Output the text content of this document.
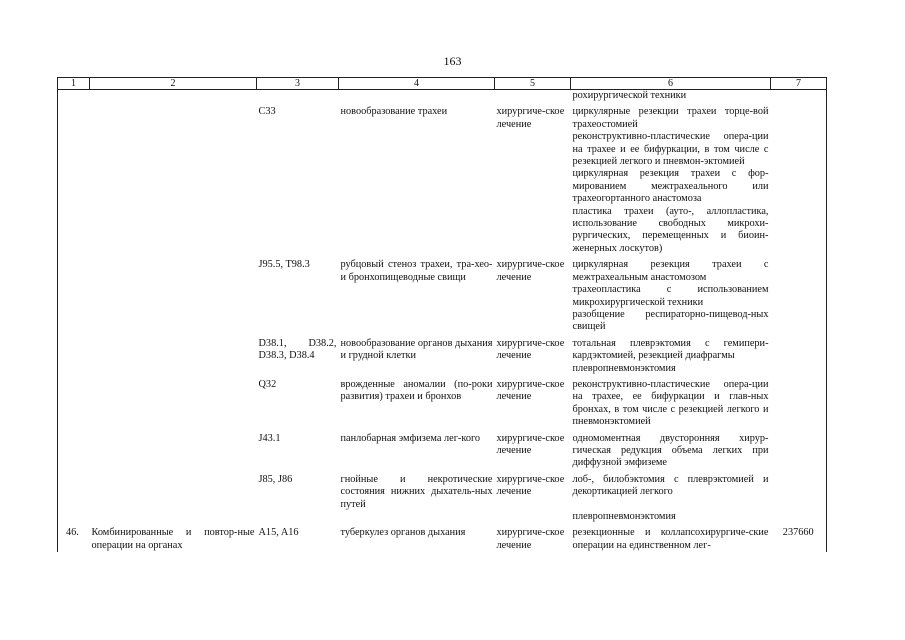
163
1	2	3	4	5	6	7
					рохирургической техники	

		C33	новообразование трахеи	хирургиче-ское лечение	циркулярные резекции трахеи торце-вой трахеостомией	
					реконструктивно-пластические опера-ции на трахее и ее бифуркации, в том числе с резекцией легкого и пневмон-эктомией	
					циркулярная резекция трахеи с фор-мированием межтрахеального или трахеогортанного анастомоза	
					пластика трахеи (ауто-, аллопластика, использование свободных микрохи-рургических, перемещенных и биоин-женерных лоскутов)	

		J95.5, T98.3	рубцовый стеноз трахеи, тра-хео- и бронхопищеводные свищи	хирургиче-ское лечение	циркулярная резекция трахеи с межтрахеальным анастомозом	
					трахеопластика с использованием микрохирургической техники	
					разобщение респираторно-пищевод-ных свищей	

		D38.1, D38.2, D38.3, D38.4	новообразование органов дыхания и грудной клетки	хирургиче-ское лечение	тотальная плеврэктомия с гемипери-кардэктомией, резекцией диафрагмы	
					плевропневмонэктомия	

		Q32	врожденные аномалии (по-роки развития) трахеи и бронхов	хирургиче-ское лечение	реконструктивно-пластические опера-ции на трахее, ее бифуркации и глав-ных бронхах, в том числе с резекцией легкого и пневмонэктомией	

		J43.1	панлобарная эмфизема лег-кого	хирургиче-ское лечение	одномоментная двусторонняя хирур-гическая редукция объема легких при диффузной эмфиземе	

		J85, J86	гнойные и некротические состояния нижних дыхатель-ных путей	хирургиче-ское лечение	лоб-, билобэктомия с плеврэктомией и декортикацией легкого	
					плевропневмонэктомия	

46.	Комбинированные и повтор-ные операции на органах	A15, A16	туберкулез органов дыхания	хирургиче-ское лечение	резекционные и коллапсохирургиче-ские операции на единственном лег-	237660
